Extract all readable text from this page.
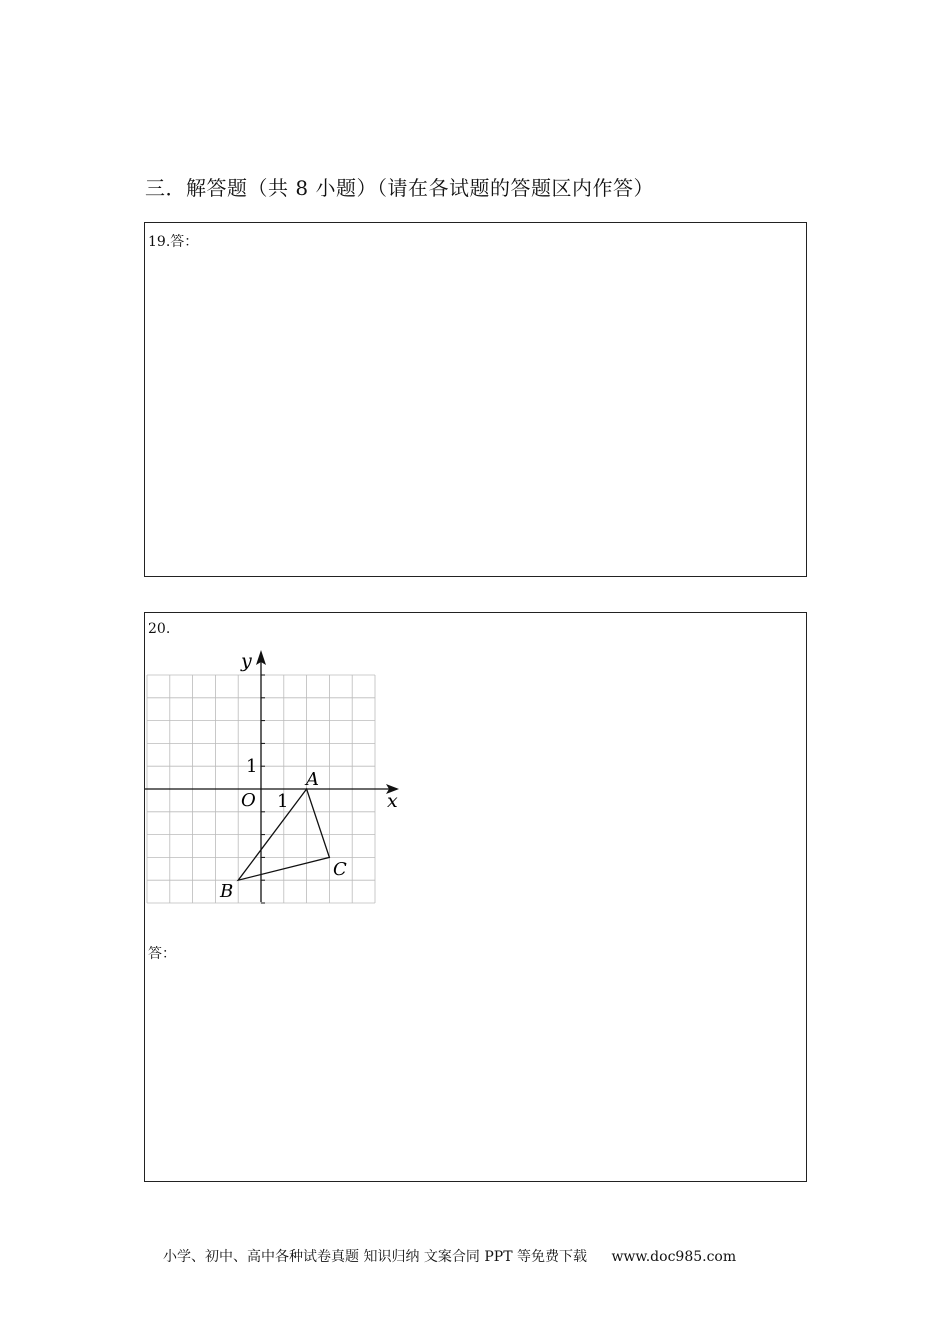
三．解答题（共 8 小题）（请在各试题的答题区内作答）
19.答：
20.
y
x
O 1
1
A
B
C
答：
小学、初中、高中各种试卷真题 知识归纳 文案合同 PPT 等免费下载 www.doc985.com
